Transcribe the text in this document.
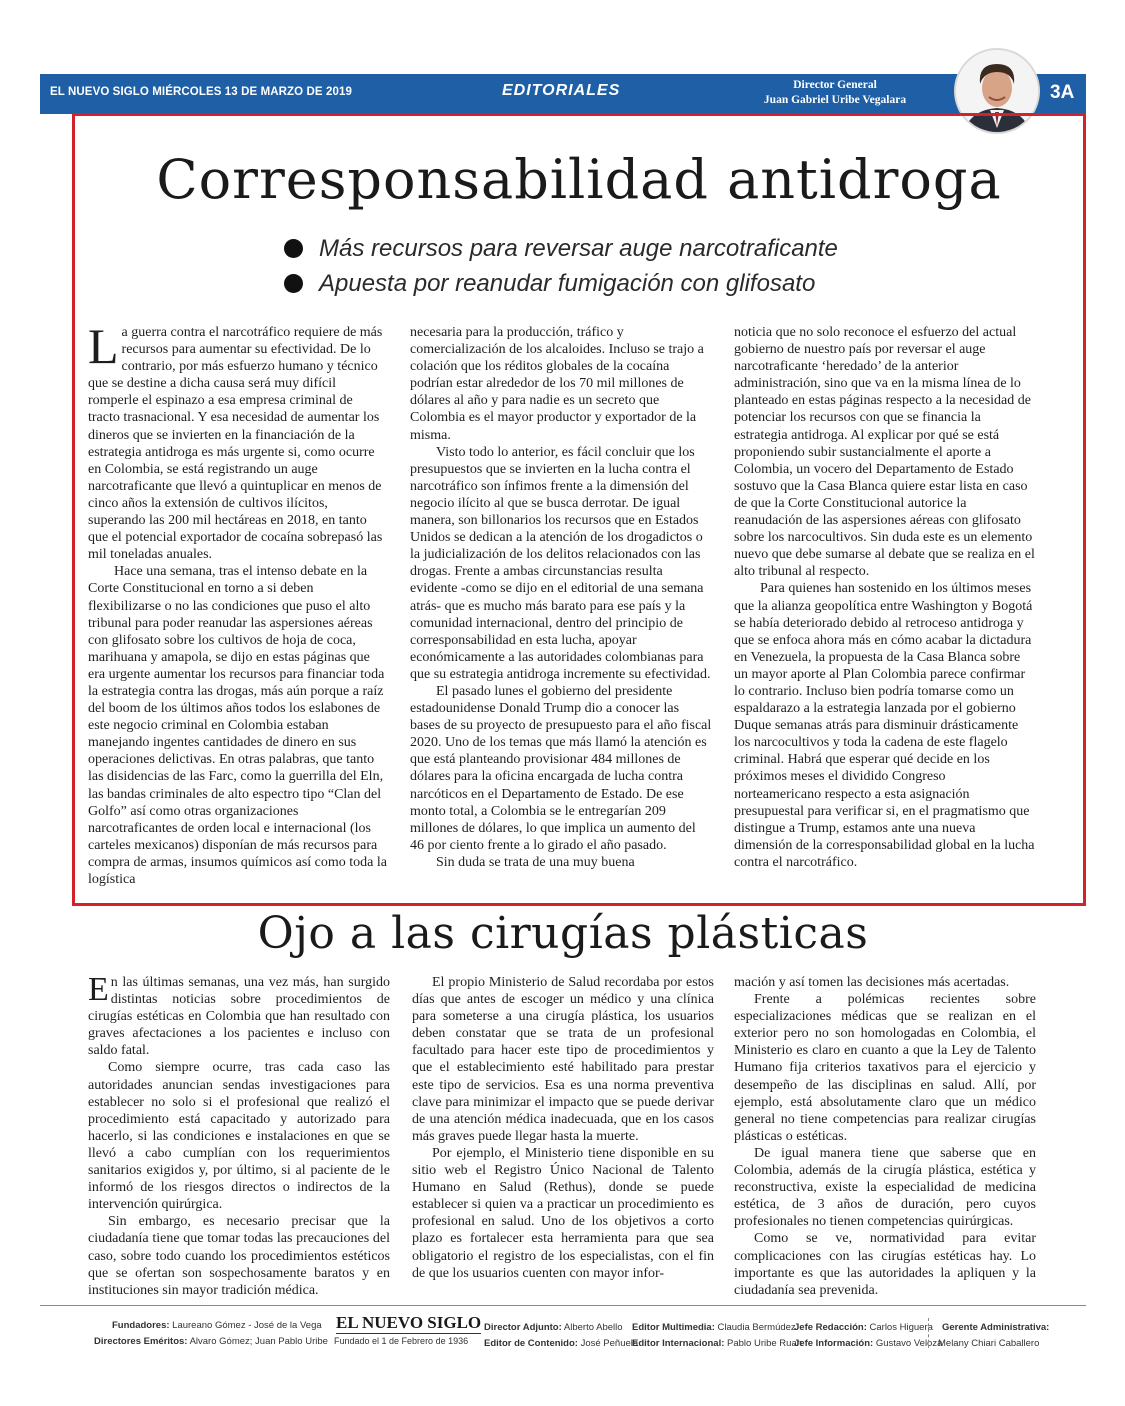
EL NUEVO SIGLO MIÉRCOLES 13 DE MARZO DE 2019	EDITORIALES	Director General
Juan Gabriel Uribe Vegalara	3A
Corresponsabilidad antidroga
Más recursos para reversar auge narcotraficante
Apuesta por reanudar fumigación con glifosato

La guerra contra el narcotráfico requiere de más recursos para aumentar su efectividad. De lo contrario, por más esfuerzo humano y técnico que se destine a dicha causa será muy difícil romperle el espinazo a esa empresa criminal de tracto trasnacional. Y esa necesidad de aumentar los dineros que se invierten en la financiación de la estrategia antidroga es más urgente si, como ocurre en Colombia, se está registrando un auge narcotraficante que llevó a quintuplicar en menos de cinco años la extensión de cultivos ilícitos, superando las 200 mil hectáreas en 2018, en tanto que el potencial exportador de cocaína sobrepasó las mil toneladas anuales.

Hace una semana, tras el intenso debate en la Corte Constitucional en torno a si deben flexibilizarse o no las condiciones que puso el alto tribunal para poder reanudar las aspersiones aéreas con glifosato sobre los cultivos de hoja de coca, marihuana y amapola, se dijo en estas páginas que era urgente aumentar los recursos para financiar toda la estrategia contra las drogas, más aún porque a raíz del boom de los últimos años todos los eslabones de este negocio criminal en Colombia estaban manejando ingentes cantidades de dinero en sus operaciones delictivas. En otras palabras, que tanto las disidencias de las Farc, como la guerrilla del Eln, las bandas criminales de alto espectro tipo “Clan del Golfo” así como otras organizaciones narcotraficantes de orden local e internacional (los carteles mexicanos) disponían de más recursos para compra de armas, insumos químicos así como toda la logística

necesaria para la producción, tráfico y comercialización de los alcaloides. Incluso se trajo a colación que los réditos globales de la cocaína podrían estar alrededor de los 70 mil millones de dólares al año y para nadie es un secreto que Colombia es el mayor productor y exportador de la misma.

Visto todo lo anterior, es fácil concluir que los presupuestos que se invierten en la lucha contra el narcotráfico son ínfimos frente a la dimensión del negocio ilícito al que se busca derrotar. De igual manera, son billonarios los recursos que en Estados Unidos se dedican a la atención de los drogadictos o la judicialización de los delitos relacionados con las drogas. Frente a ambas circunstancias resulta evidente -como se dijo en el editorial de una semana atrás- que es mucho más barato para ese país y la comunidad internacional, dentro del principio de corresponsabilidad en esta lucha, apoyar económicamente a las autoridades colombianas para que su estrategia antidroga incremente su efectividad.

El pasado lunes el gobierno del presidente estadounidense Donald Trump dio a conocer las bases de su proyecto de presupuesto para el año fiscal 2020. Uno de los temas que más llamó la atención es que está planteando provisionar 484 millones de dólares para la oficina encargada de lucha contra narcóticos en el Departamento de Estado. De ese monto total, a Colombia se le entregarían 209 millones de dólares, lo que implica un aumento del 46 por ciento frente a lo girado el año pasado.

Sin duda se trata de una muy buena

noticia que no solo reconoce el esfuerzo del actual gobierno de nuestro país por reversar el auge narcotraficante ‘heredado’ de la anterior administración, sino que va en la misma línea de lo planteado en estas páginas respecto a la necesidad de potenciar los recursos con que se financia la estrategia antidroga. Al explicar por qué se está proponiendo subir sustancialmente el aporte a Colombia, un vocero del Departamento de Estado sostuvo que la Casa Blanca quiere estar lista en caso de que la Corte Constitucional autorice la reanudación de las aspersiones aéreas con glifosato sobre los narcocultivos. Sin duda este es un elemento nuevo que debe sumarse al debate que se realiza en el alto tribunal al respecto.

Para quienes han sostenido en los últimos meses que la alianza geopolítica entre Washington y Bogotá se había deteriorado debido al retroceso antidroga y que se enfoca ahora más en cómo acabar la dictadura en Venezuela, la propuesta de la Casa Blanca sobre un mayor aporte al Plan Colombia parece confirmar lo contrario. Incluso bien podría tomarse como un espaldarazo a la estrategia lanzada por el gobierno Duque semanas atrás para disminuir drásticamente los narcocultivos y toda la cadena de este flagelo criminal. Habrá que esperar qué decide en los próximos meses el dividido Congreso norteamericano respecto a esta asignación presupuestal para verificar si, en el pragmatismo que distingue a Trump, estamos ante una nueva dimensión de la corresponsabilidad global en la lucha contra el narcotráfico.

Ojo a las cirugías plásticas

En las últimas semanas, una vez más, han surgido distintas noticias sobre procedimientos de cirugías estéticas en Colombia que han resultado con graves afectaciones a los pacientes e incluso con saldo fatal.

Como siempre ocurre, tras cada caso las autoridades anuncian sendas investigaciones para establecer no solo si el profesional que realizó el procedimiento está capacitado y autorizado para hacerlo, si las condiciones e instalaciones en que se llevó a cabo cumplían con los requerimientos sanitarios exigidos y, por último, si al paciente de le informó de los riesgos directos o indirectos de la intervención quirúrgica.

Sin embargo, es necesario precisar que la ciudadanía tiene que tomar todas las precauciones del caso, sobre todo cuando los procedimientos estéticos que se ofertan son sospechosamente baratos y en instituciones sin mayor tradición médica.

El propio Ministerio de Salud recordaba por estos días que antes de escoger un médico y una clínica para someterse a una cirugía plástica, los usuarios deben constatar que se trata de un profesional facultado para hacer este tipo de procedimientos y que el establecimiento esté habilitado para prestar este tipo de servicios. Esa es una norma preventiva clave para minimizar el impacto que se puede derivar de una atención médica inadecuada, que en los casos más graves puede llegar hasta la muerte.

Por ejemplo, el Ministerio tiene disponible en su sitio web el Registro Único Nacional de Talento Humano en Salud (Rethus), donde se puede establecer si quien va a practicar un procedimiento es profesional en salud. Uno de los objetivos a corto plazo es fortalecer esta herramienta para que sea obligatorio el registro de los especialistas, con el fin de que los usuarios cuenten con mayor infor-

mación y así tomen las decisiones más acertadas.

Frente a polémicas recientes sobre especializaciones médicas que se realizan en el exterior pero no son homologadas en Colombia, el Ministerio es claro en cuanto a que la Ley de Talento Humano fija criterios taxativos para el ejercicio y desempeño de las disciplinas en salud. Allí, por ejemplo, está absolutamente claro que un médico general no tiene competencias para realizar cirugías plásticas o estéticas.

De igual manera tiene que saberse que en Colombia, además de la cirugía plástica, estética y reconstructiva, existe la especialidad de medicina estética, de 3 años de duración, pero cuyos profesionales no tienen competencias quirúrgicas.

Como se ve, normatividad para evitar complicaciones con las cirugías estéticas hay. Lo importante es que las autoridades la apliquen y la ciudadanía sea prevenida.

Fundadores: Laureano Gómez - José de la Vega
Directores Eméritos: Alvaro Gómez; Juan Pablo Uribe
EL NUEVO SIGLO
Fundado el 1 de Febrero de 1936
Director Adjunto: Alberto Abello
Editor de Contenido: José Peñuela
Editor Multimedia: Claudia Bermúdez
Editor Internacional: Pablo Uribe Ruan
Jefe Redacción: Carlos Higuera
Jefe Información: Gustavo Veloza
Gerente Administrativa:
Melany Chiari Caballero
